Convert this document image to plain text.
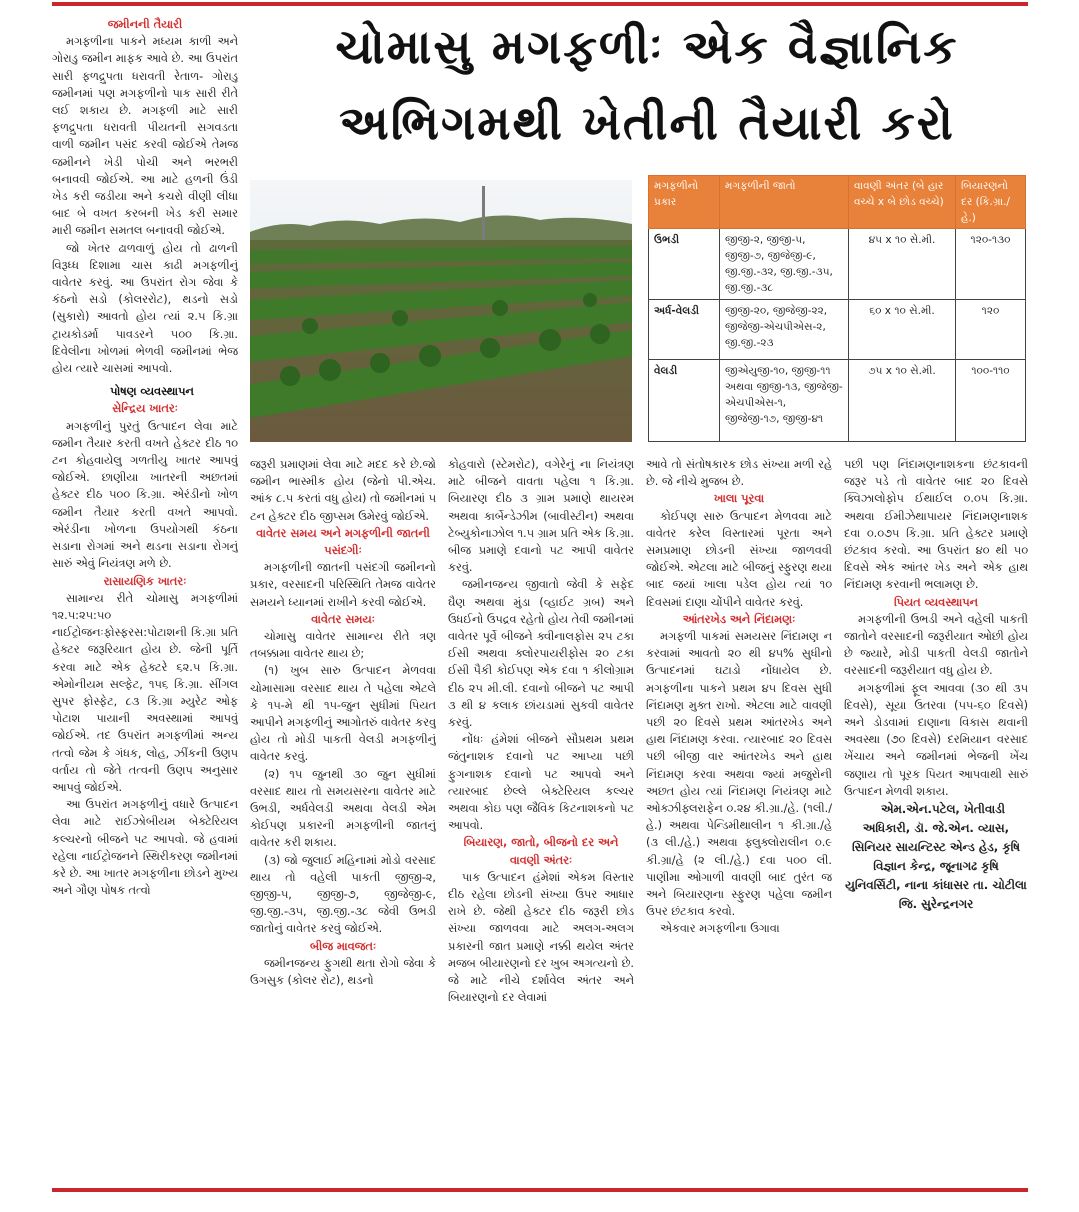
ચોમાસુ મગફળીઃ એક વૈજ્ઞાનિક અભિગમથી ખેતીની તૈયારી કરો

જમીનની તૈયારી

મગફળીના પાકને મધ્યમ કાળી અને ગોરાડુ જમીન માફક આવે છે. આ ઉપરાંત સારી ફળદ્રુપતા ધરાવતી રેતાળ- ગોરાડુ જમીનમાં પણ મગફળીનો પાક સારી રીતે લઈ શકાય છે. મગફળી માટે સારી ફળદ્રુપતા ધરાવતી પીયતની સગવડતા વાળી જમીન પસંદ કરવી જોઈએ તેમજ જમીનને ખેડી પોચી અને ભરભરી બનાવવી જોઈએ. આ માટે હળની ઉંડી ખેડ કરી જડીયા અને કચરો વીણી લીધા બાદ બે વખત કરબની ખેડ કરી સમાર મારી જમીન સમતલ બનાવવી જોઈએ.

જો ખેતર ઢાળવાળું હોય તો ઢાળની વિરૂધ્ધ દિશામા ચાસ કાઢી મગફળીનું વાવેતર કરવું. આ ઉપરાંત રોગ જેવા કે કંઠનો સડો (કોલરરોટ), થડનો સડો (સુકારો) આવતો હોય ત્યાં ૨.૫ કિ.ગ્રા ટ્રાયકોડર્મા પાવડરને ૫૦૦ કિ.ગ્રા. દિવેલીના ખોળમાં ભેળવી જમીનમાં ભેજ હોય ત્યારે ચાસમાં આપવો.

પોષણ વ્યવસ્થાપન

સેન્દ્રિય ખાતરઃ

મગફળીનું પુરતું ઉત્પાદન લેવા માટે જમીન તૈયાર કરતી વખતે હેક્ટર દીઠ ૧૦ ટન કોહવાયેલુ ગળતીયુ ખાતર આપવું જોઈએ. છાણીયા ખાતરની અછતમાં હેક્ટર દીઠ ૫૦૦ કિ.ગ્રા. એરંડીનો ખોળ જમીન તૈયાર કરતી વખતે આપવો. એરંડીના ખોળના ઉપયોગથી કંઠના સડાના રોગમાં અને થડના સડાના રોગનું સારું એવું નિયંત્રણ મળે છે.

રાસાયણિક ખાતરઃ

સામાન્ય રીતે ચોમાસુ મગફળીમાં ૧૨.૫:૨૫:૫૦ નાઈટ્રોજનઃફોસ્ફરસ:પોટાશની કિ.ગ્રા પ્રતિ હેક્ટર જરૂરિયાત હોય છે. જેની પૂર્તિ કરવા માટે એક હેક્ટરે ૬૨.૫ કિ.ગ્રા. એમોનીયમ સલ્ફેટ, ૧૫૬ કિ.ગ્રા. સીંગલ સુપર ફોસ્ફેટ, ૮૩ કિ.ગ્રા મ્યુરેટ ઓફ પોટાશ પાયાની અવસ્થામાં આપવું જોઈએ. તદ ઉપરાંત મગફળીમાં અન્ય તત્વો જેમ કે ગંધક, લોહ, ઝીંકની ઉણપ વર્તાય તો જેતે તત્વની ઉણપ અનુસાર આપવું જોઈએ.

આ ઉપરાંત મગફળીનું વધારે ઉત્પાદન લેવા માટે રાઈઝોબીયમ બેક્ટેરિયલ કલ્ચરનો બીજને પટ આપવો. જે હવામાં રહેલા નાઈટ્રોજનને સ્થિરીકરણ જમીનમાં કરે છે. આ ખાતર મગફળીના છોડને મુખ્ય અને ગૌણ પોષક તત્વો

મગફળીનો પ્રકાર	મગફળીની જાતો	વાવણી અંતર (બે હાર વચ્ચે x બે છોડ વચ્ચે)	બિયારણનો દર (કિ.ગ્રા./હે.)
ઉભડી	જીજી-૨, જીજી-૫, જીજી-૭, જીજેજી-૯, જી.જી.-૩૨, જી.જી.-૩૫, જી.જી.-૩૮	૪૫ x ૧૦ સે.મી.	૧૨૦-૧૩૦
અર્ધ-વેલડી	જીજી-૨૦, જીજેજી-૨૨, જીજેજી-એચપીએસ-૨, જી.જી.-૨૩	૬૦ x ૧૦ સે.મી.	૧૨૦
વેલડી	જીએયુજી-૧૦, જીજી-૧૧ અથવા જીજી-૧૩, જીજેજી-એચપીએસ-૧, જીજેજી-૧૭, જીજી-૪૧	૭૫ x ૧૦ સે.મી.	૧૦૦-૧૧૦

જરૂરી પ્રમાણમાં લેવા માટે મદદ કરે છે.જો જમીન ભાસ્મીક હોય (જેનો પી.એચ. આંક ૮.૫ કરતાં વધુ હોય) તો જમીનમાં ૫ ટન હેક્ટર દીઠ જીપ્સમ ઉમેરવું જોઈએ.

વાવેતર સમય અને મગફળીની જાતની પસંદગીઃ

મગફળીની જાતની પસંદગી જમીનનો પ્રકાર, વરસાદની પરિસ્થિતિ તેમજ વાવેતર સમયને ધ્યાનમાં રાખીને કરવી જોઈએ.

વાવેતર સમયઃ

ચોમાસુ વાવેતર સામાન્ય રીતે ત્રણ તબક્કામા વાવેતર થાય છે;

(૧) ખુબ સારુ ઉત્પાદન મેળવવા ચોમાસામા વરસાદ થાય તે પહેલા એટલે કે ૧૫-મે થી ૧૫-જુન સુધીમાં પિયત આપીને મગફળીનું આગોતરું વાવેતર કરવુ હોય તો મોડી પાકતી વેલડી મગફળીનું વાવેતર કરવું.

(૨) ૧૫ જુનથી ૩૦ જુન સુધીમાં વરસાદ થાય તો સમયસરના વાવેતર માટે ઉભડી, અર્ધવેલડી અથવા વેલડી એમ કોઈપણ પ્રકારની મગફળીની જાતનું વાવેતર કરી શકાય.

(૩) જો જુલાઈ મહિનામાં મોડો વરસાદ થાય તો વહેલી પાકતી જીજી-૨, જીજી-૫, જીજી-૭, જીજેજી-૯, જી.જી.-૩૫, જી.જી.-૩૮ જેવી ઉભડી જાતોનું વાવેતર કરવું જોઈએ.

બીજ માવજતઃ

જમીનજન્ય ફુગથી થતા રોગો જેવા કે ઉગસુક (કોલર રોટ), થડનો

કોહવારો (સ્ટેમરોટ), વગેરેનું ના નિયંત્રણ માટે બીજને વાવતા પહેલા ૧ કિ.ગ્રા. બિયારણ દીઠ ૩ ગ્રામ પ્રમાણે થાયરમ અથવા કાર્બેન્ડેઝીમ (બાવીસ્ટીન) અથવા ટેબ્યુકોનાઝોલ ૧.૫ ગ્રામ પ્રતિ એક કિ.ગ્રા. બીજ પ્રમાણે દવાનો પટ આપી વાવેતર કરવું.

જમીનજન્ય જીવાતો જેવી કે સફેદ ઘૈણ અથવા મુંડા (વ્હાઈટ ગ્રબ) અને ઉધઈનો ઉપદ્રવ રહેતો હોય તેવી જમીનમાં વાવેતર પૂર્વે બીજને ક્વીનાલફોસ ૨૫ ટકા ઈસી અથવા ક્લોરપાયરીફોસ ૨૦ ટકા ઈસી પૈકી કોઈપણ એક દવા ૧ કીલોગ્રામ દીઠ ૨૫ મી.લી. દવાનો બીજને પટ આપી ૩ થી ૪ કલાક છાંયડામાં સુકવી વાવેતર કરવું.

નોંધઃ હંમેશાં બીજને સૌપ્રથમ પ્રથમ જંતુનાશક દવાનો પટ આપ્યા પછી ફુગનાશક દવાનો પટ આપવો અને ત્યારબાદ છેલ્લે બેક્ટેરિયલ કલ્ચર અથવા કોઇ પણ જૈવિક કિટનાશકનો પટ આપવો.

બિયારણ, જાતો, બીજનો દર અને વાવણી અંતરઃ

પાક ઉત્પાદન હંમેશાં એકમ વિસ્તાર દીઠ રહેલા છોડની સંખ્યા ઉપર આધાર રાખે છે. જેથી હેક્ટર દીઠ જરૂરી છોડ સંખ્યા જાળવવા માટે અલગ-અલગ પ્રકારની જાત પ્રમાણે નક્કી થયેલ અંતર મજબ બીયારણનો દર ખુબ અગત્યનો છે. જે માટે નીચે દર્શાવેલ અંતર અને બિયારણનો દર લેવામાં

આવે તો સંતોષકારક છોડ સંખ્યા મળી રહે છે. જે નીચે મુજબ છે.

ખાલા પૂરવા

કોઈપણ સારુ ઉત્પાદન મેળવવા માટે વાવેતર કરેલ વિસ્તારમાં પૂરતા અને સમપ્રમાણ છોડની સંખ્યા જાળવવી જોઈએ. એટલા માટે બીજનું સ્ફુરણ થયા બાદ જયાં ખાલા પડેલ હોય ત્યાં ૧૦ દિવસમાં દાણા ચોંપીને વાવેતર કરવું.

આંતરખેડ અને નિંદામણઃ

મગફળી પાકમાં સમયસર નિંદામણ ન કરવામાં આવતો ૨૦ થી ૪૫% સુધીનો ઉત્પાદનમાં ઘટાડો નોંધાયેલ છે. મગફળીના પાકને પ્રથમ ૪૫ દિવસ સુધી નિંદામણ મુક્ત રાખો. એટલા માટે વાવણી પછી ૨૦ દિવસે પ્રથમ આંતરખેડ અને હાથ નિંદામણ કરવા. ત્યારબાદ ૨૦ દિવસ પછી બીજી વાર આંતરખેડ અને હાથ નિંદામણ કરવા અથવા જ્યાં મજુરોની અછત હોય ત્યાં નિંદામણ નિયંત્રણ માટે ઓક્ઝીફ્લરાફેન ૦.૨૪ કી.ગ્રા./હે. (૧લી./હે.) અથવા પેન્ડિમીથાલીન ૧ કી.ગ્રા./હે (૩ લી./હે.) અથવા ફ્લુક્લોરાલીન ૦.૯ કી.ગ્રા/હે (૨ લી./હે.) દવા ૫૦૦ લી. પાણીમા ઓગાળી વાવણી બાદ તુરંત જ અને બિયારણના સ્ફુરણ પહેલા જમીન ઉપર છંટકાવ કરવો.

એકવાર મગફળીના ઉગાવા

પછી પણ નિંદામણનાશકના છંટકાવની જરૂર પડે તો વાવેતર બાદ ૨૦ દિવસે ક્વિઝાલોફોપ ઈથાઈલ ૦.૦૫ કિ.ગ્રા. અથવા ઈમીઝેથાપાયર નિંદામણનાશક દવા ૦.૦૭૫ કિ.ગ્રા. પ્રતિ હેક્ટર પ્રમાણે છંટકાવ કરવો. આ ઉપરાંત ૪૦ થી ૫૦ દિવસે એક આંતર ખેડ અને એક હાથ નિંદામણ કરવાની ભલામણ છે.

પિયત વ્યવસ્થાપન

મગફળીની ઉભડી અને વહેલી પાકતી જાતોને વરસાદની જરૂરીયાત ઓછી હોય છે જ્યારે, મોડી પાકતી વેલડી જાતોને વરસાદની જરૂરીયાત વધુ હોય છે.

મગફળીમાં ફૂલ આવવા (૩૦ થી ૩૫ દિવસે), સૂયા ઉતરવા (૫૫-૬૦ દિવસે) અને ડોડવામાં દાણાના વિકાસ થવાની અવસ્થા (૭૦ દિવસે) દરમિયાન વરસાદ ખેંચાય અને જમીનમાં ભેજની ખેંચ જણાય તો પૂરક પિયત આપવાથી સારું ઉત્પાદન મેળવી શકાય.

એમ.એન.પટેલ, ખેતીવાડી અધિકારી, ડૉ. જે.એન. વ્યાસ, સિનિયર સાયન્ટિસ્ટ એન્ડ હેડ, કૃષિ વિજ્ઞાન કેન્દ્ર, જૂનાગઢ કૃષિ યુનિવર્સિટી, નાના કાંધાસર તા. ચોટીલા જિ. સુરેન્દ્રનગર
